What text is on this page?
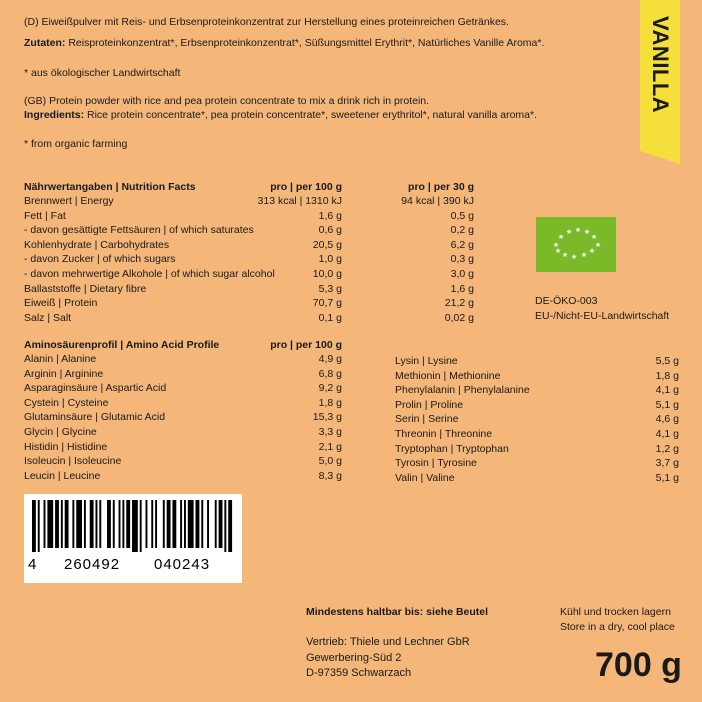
VANILLA
(D) Eiweißpulver mit Reis- und Erbsenproteinkonzentrat zur Herstellung eines proteinreichen Getränkes.
Zutaten: Reisproteinkonzentrat*, Erbsenproteinkonzentrat*, Süßungsmittel Erythrit*, Natürliches Vanille Aroma*.
* aus ökologischer Landwirtschaft
(GB) Protein powder with rice and pea protein concentrate to mix a drink rich in protein.
Ingredients: Rice protein concentrate*, pea protein concentrate*, sweetener erythritol*, natural vanilla aroma*.
* from organic farming
Nährwertangaben | Nutrition Facts	pro | per 100 g	pro | per 30 g
Brennwert | Energy	313 kcal | 1310 kJ	94 kcal | 390 kJ
Fett | Fat	1,6 g	0,5 g
- davon gesättigte Fettsäuren | of which saturates	0,6 g	0,2 g
Kohlenhydrate | Carbohydrates	20,5 g	6,2 g
- davon Zucker | of which sugars	1,0 g	0,3 g
- davon mehrwertige Alkohole | of which sugar alcohol	10,0 g	3,0 g
Ballaststoffe | Dietary fibre	5,3 g	1,6 g
Eiweiß | Protein	70,7 g	21,2 g
Salz | Salt	0,1 g	0,02 g
★
★
★ ★ ★
★
★
★
★
★
★
★
DE-ÖKO-003
EU-/Nicht-EU-Landwirtschaft
Aminosäurenprofil | Amino Acid Profile	pro | per 100 g
Alanin | Alanine	4,9 g
Arginin | Arginine	6,8 g
Asparaginsäure | Aspartic Acid	9,2 g
Cystein | Cysteine	1,8 g
Glutaminsäure | Glutamic Acid	15,3 g
Glycin | Glycine	3,3 g
Histidin | Histidine	2,1 g
Isoleucin | Isoleucine	5,0 g
Leucin | Leucine	8,3 g
Lysin | Lysine	5,5 g
Methionin | Methionine	1,8 g
Phenylalanin | Phenylalanine	4,1 g
Prolin | Proline	5,1 g
Serin | Serine	4,6 g
Threonin | Threonine	4,1 g
Tryptophan | Tryptophan	1,2 g
Tyrosin | Tyrosine	3,7 g
Valin | Valine	5,1 g
4 260492 040243
Mindestens haltbar bis: siehe Beutel	Kühl und trocken lagern
Store in a dry, cool place
Vertrieb: Thiele und Lechner GbR
Gewerbering-Süd 2
D-97359 Schwarzach	700 g
